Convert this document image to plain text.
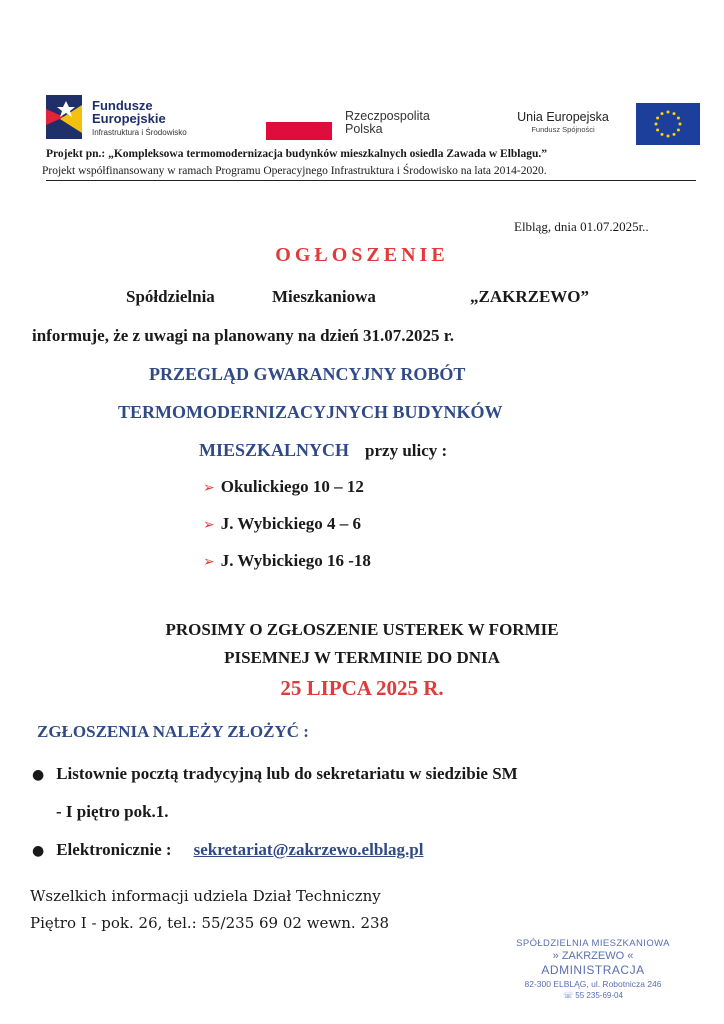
Fundusze
Europejskie
Infrastruktura i Środowisko
Rzeczpospolita
Polska
Unia Europejska
Fundusz Spójności
Projekt pn.: „Kompleksowa termomodernizacja budynków mieszkalnych osiedla Zawada w Elblagu.”
Projekt współfinansowany w ramach Programu Operacyjnego Infrastruktura i Środowisko na lata 2014-2020.
Elbląg, dnia 01.07.2025r..
OGŁOSZENIE
Spółdzielnia	Mieszkaniowa	„ZAKRZEWO”
informuje, że z uwagi na planowany na dzień 31.07.2025 r.
PRZEGLĄD GWARANCYJNY ROBÓT
TERMOMODERNIZACYJNYCH BUDYNKÓW
MIESZKALNYCH przy ulicy :
➢ Okulickiego 10 – 12
➢ J. Wybickiego 4 – 6
➢ J. Wybickiego 16 -18
PROSIMY O ZGŁOSZENIE USTEREK W FORMIE
PISEMNEJ W TERMINIE DO DNIA
25 LIPCA 2025 R.
ZGŁOSZENIA NALEŻY ZŁOŻYĆ :
● Listownie pocztą tradycyjną lub do sekretariatu w siedzibie SM
- I piętro pok.1.
● Elektronicznie : sekretariat@zakrzewo.elblag.pl
Wszelkich informacji udziela Dział Techniczny
Piętro I - pok. 26, tel.: 55/235 69 02 wewn. 238
SPÓŁDZIELNIA MIESZKANIOWA
» ZAKRZEWO «
ADMINISTRACJA
82-300 ELBLĄG, ul. Robotnicza 246
☏ 55 235-69-04
